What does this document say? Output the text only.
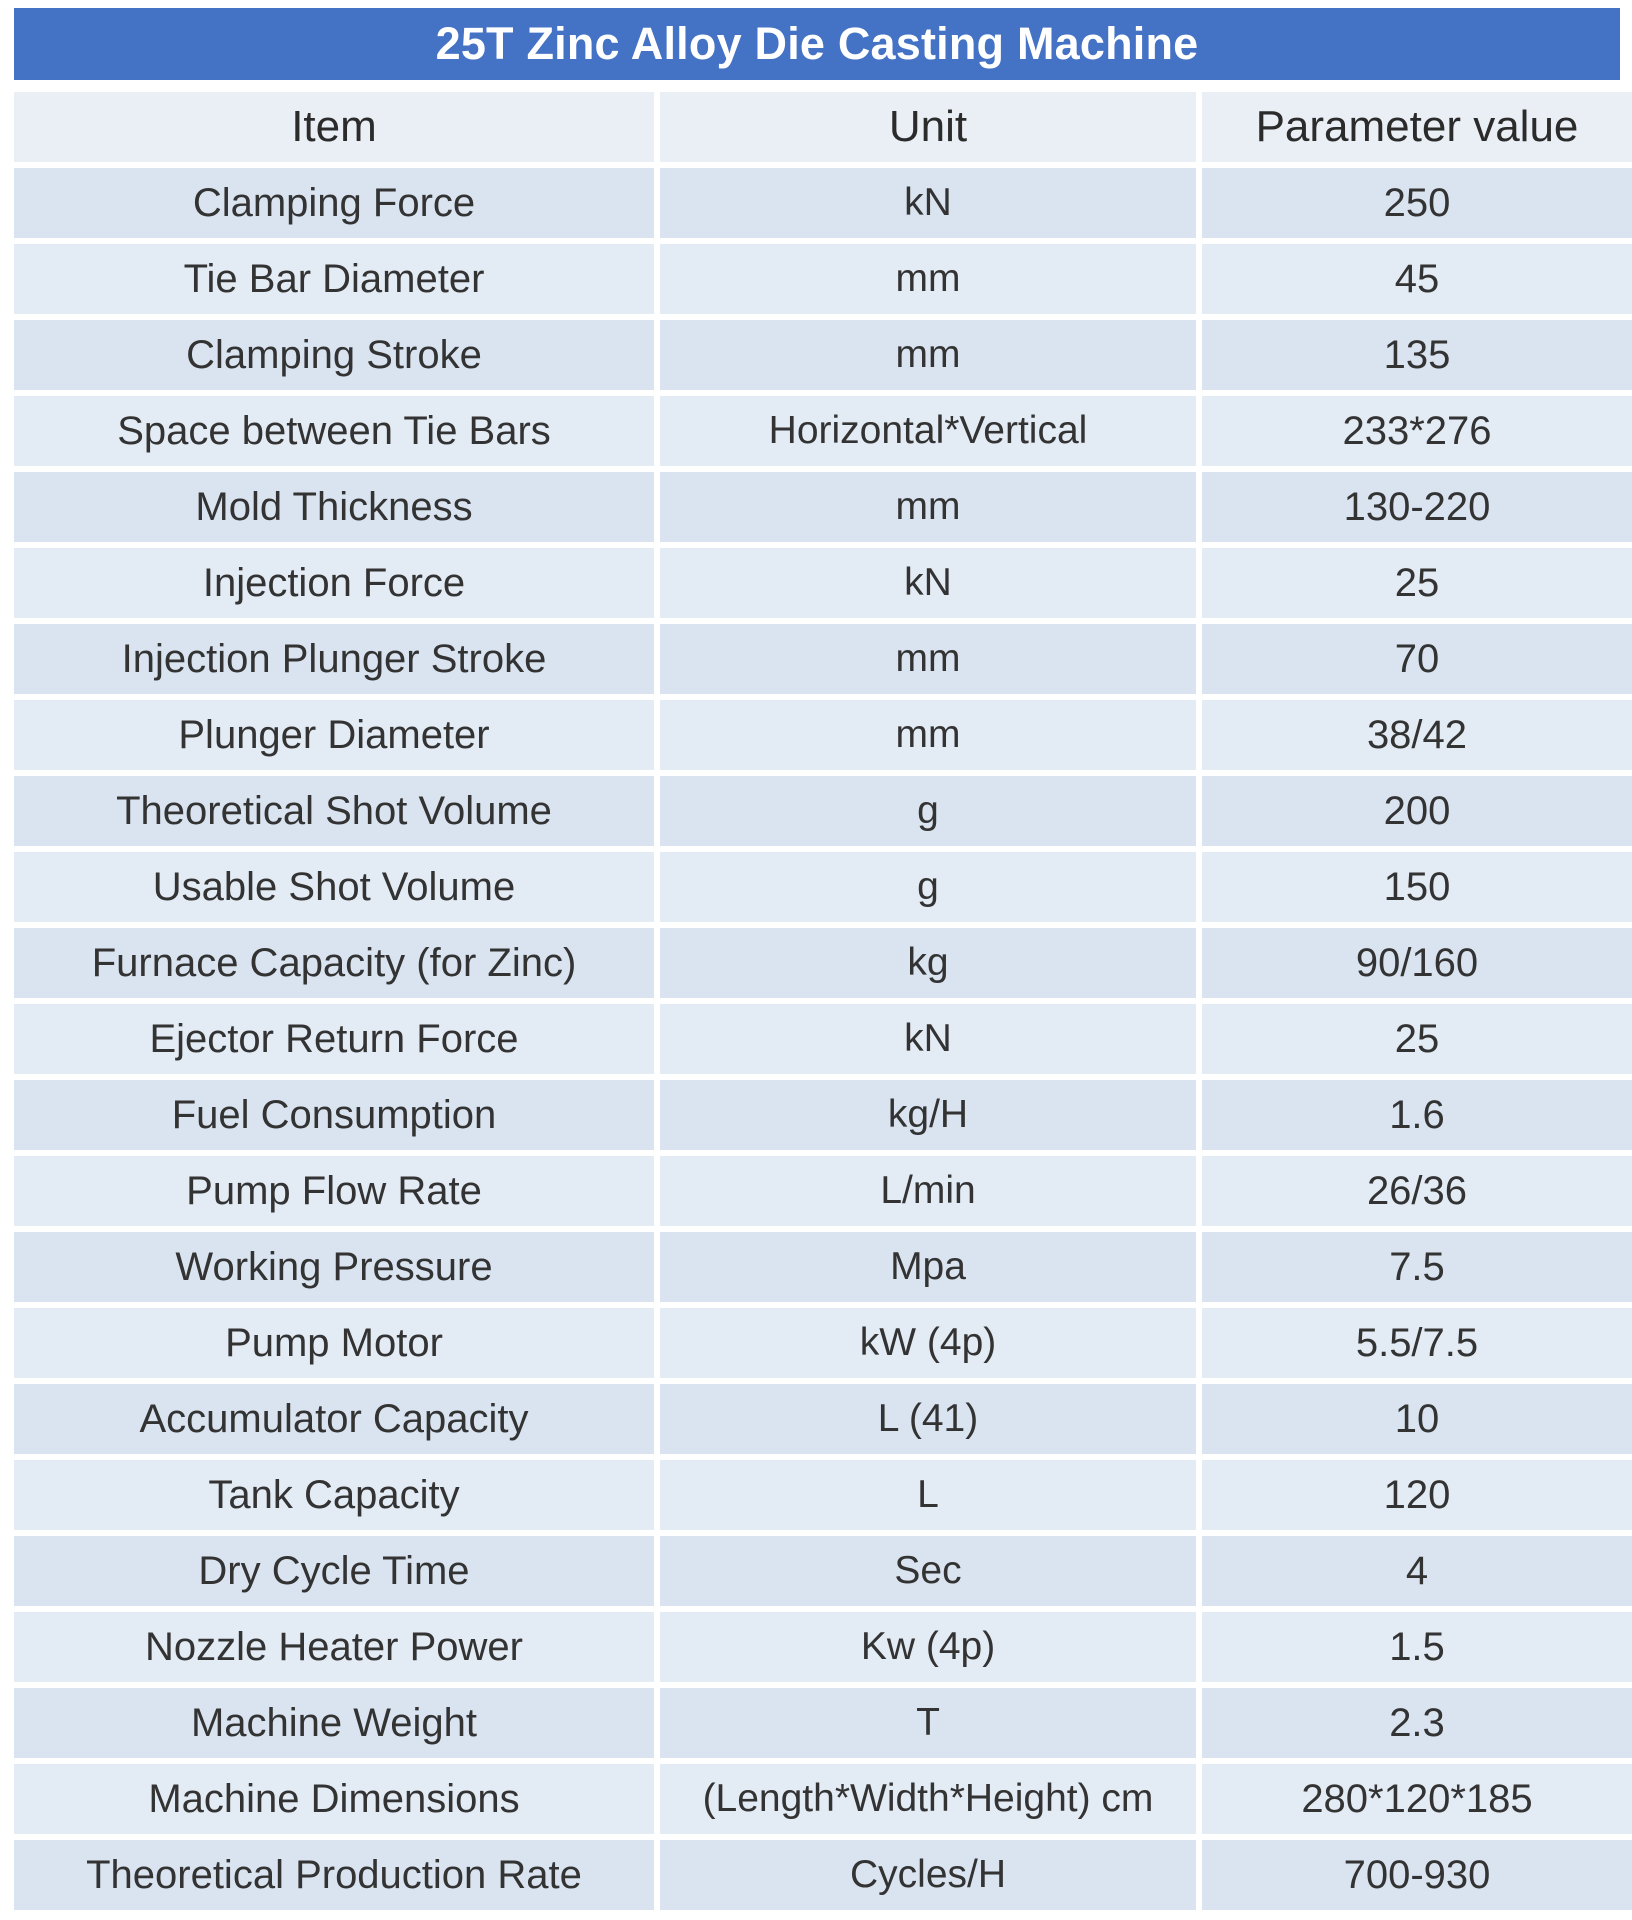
25T Zinc Alloy Die Casting Machine
Item	Unit	Parameter value
Clamping Force	kN	250
Tie Bar Diameter	mm	45
Clamping Stroke	mm	135
Space between Tie Bars	Horizontal*Vertical	233*276
Mold Thickness	mm	130-220
Injection Force	kN	25
Injection Plunger Stroke	mm	70
Plunger Diameter	mm	38/42
Theoretical Shot Volume	g	200
Usable Shot Volume	g	150
Furnace Capacity (for Zinc)	kg	90/160
Ejector Return Force	kN	25
Fuel Consumption	kg/H	1.6
Pump Flow Rate	L/min	26/36
Working Pressure	Mpa	7.5
Pump Motor	kW (4p)	5.5/7.5
Accumulator Capacity	L (41)	10
Tank Capacity	L	120
Dry Cycle Time	Sec	4
Nozzle Heater Power	Kw (4p)	1.5
Machine Weight	T	2.3
Machine Dimensions	(Length*Width*Height) cm	280*120*185
Theoretical Production Rate	Cycles/H	700-930
